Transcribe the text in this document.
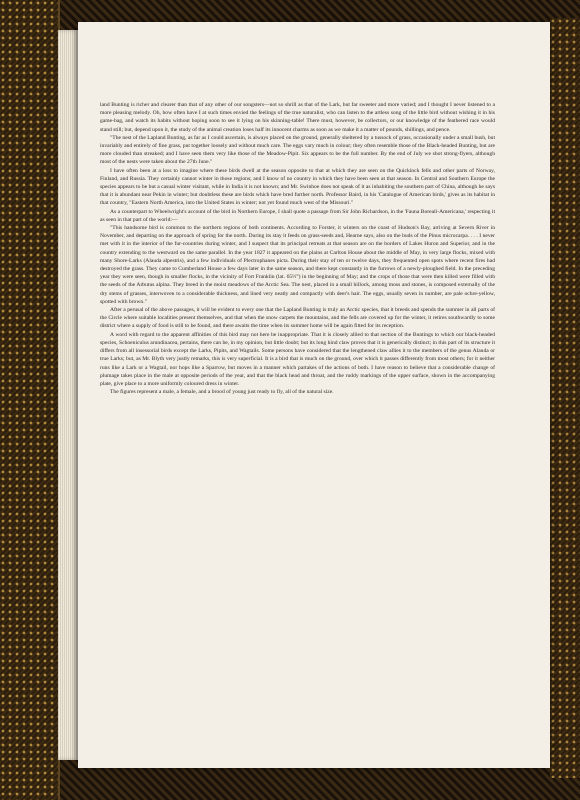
land Bunting is richer and clearer than that of any other of our songsters—not so shrill as that of the Lark, but far sweeter and more varied; and I thought I never listened to a more pleasing melody. Oh, how often have I at such times envied the feelings of the true naturalist, who can listen to the artless song of the little bird without wishing it in his game-bag, and watch its habits without hoping soon to see it lying on his skinning-table! There must, however, be collectors, or our knowledge of the feathered race would stand still; but, depend upon it, the study of the animal creation loses half its innocent charms as soon as we make it a matter of pounds, shillings, and pence.

"The nest of the Lapland Bunting, as far as I could ascertain, is always placed on the ground, generally sheltered by a tussock of grass, occasionally under a small bush, but invariably and entirely of fine grass, put together loosely and without much care. The eggs vary much in colour; they often resemble those of the Black-headed Bunting, but are more clouded than streaked; and I have seen them very like those of the Meadow-Pipit. Six appears to be the full number. By the end of July we shot strong-flyers, although most of the nests were taken about the 27th June."

I have often been at a loss to imagine where these birds dwell at the season opposite to that at which they are seen on the Quickinck fells and other parts of Norway, Finland, and Russia. They certainly cannot winter in those regions; and I know of no country in which they have been seen at that season. In Central and Southern Europe the species appears to be but a casual winter visitant, while in India it is not known; and Mr. Swinhoe does not speak of it as inhabiting the southern part of China, although he says that it is abundant near Pekin in winter; but doubtless these are birds which have bred further north. Professor Baird, in his 'Catalogue of American birds,' gives as its habitat in that country, "Eastern North America, into the United States in winter; not yet found much west of the Missouri."

As a counterpart to Wheelwright's account of the bird in Northern Europe, I shall quote a passage from Sir John Richardson, in the 'Fauna Boreali-Americana,' respecting it as seen in that part of the world:—

"This handsome bird is common to the northern regions of both continents. According to Forster, it winters on the coast of Hudson's Bay, arriving at Severn River in November, and departing on the approach of spring for the north. During its stay it feeds on grass-seeds and, Hearne says, also on the buds of the Pinus microcarpa. . . . I never met with it in the interior of the fur-countries during winter, and I suspect that its principal retreats at that season are on the borders of Lakes Huron and Superior, and in the country extending to the westward on the same parallel. In the year 1827 it appeared on the plains at Carlton House about the middle of May, in very large flocks, mixed with many Shore-Larks (Alauda alpestris), and a few individuals of Plectrophanes picta. During their stay of ten or twelve days, they frequented open spots where recent fires had destroyed the grass. They came to Cumberland House a few days later in the same season, and there kept constantly in the furrows of a newly-ploughed field. In the preceding year they were seen, though in smaller flocks, in the vicinity of Fort Franklin (lat. 65½°) in the beginning of May; and the crops of those that were then killed were filled with the seeds of the Arbutus alpina. They breed in the moist meadows of the Arctic Sea. The nest, placed in a small hillock, among moss and stones, is composed externally of the dry stems of grasses, interwoven to a considerable thickness, and lined very neatly and compactly with deer's hair. The eggs, usually seven in number, are pale ochre-yellow, spotted with brown."

After a perusal of the above passages, it will be evident to every one that the Lapland Bunting is truly an Arctic species, that it breeds and spends the summer in all parts of the Circle where suitable localities present themselves, and that when the snow carpets the mountains, and the fells are covered up for the winter, it retires southwardly to some district where a supply of food is still to be found, and there awaits the time when its summer home will be again fitted for its reception.

A word with regard to the apparent affinities of this bird may not here be inappropriate. That it is closely allied to that section of the Buntings to which our black-headed species, Schoeniculus arundinacea, pertains, there can be, in my opinion, but little doubt; but its long hind claw proves that it is generically distinct; in this part of its structure it differs from all insessorial birds except the Larks, Pipits, and Wagtails. Some persons have considered that the lengthened claw allies it to the members of the genus Alauda or true Larks; but, as Mr. Blyth very justly remarks, this is very superficial. It is a bird that is much on the ground, over which it passes differently from most others; for it neither runs like a Lark or a Wagtail, nor hops like a Sparrow, but moves in a manner which partakes of the actions of both. I have reason to believe that a considerable change of plumage takes place in the male at opposite periods of the year, and that the black head and throat, and the ruddy markings of the upper surface, shown in the accompanying plate, give place to a more uniformly coloured dress in winter.

The figures represent a male, a female, and a brood of young just ready to fly, all of the natural size.
